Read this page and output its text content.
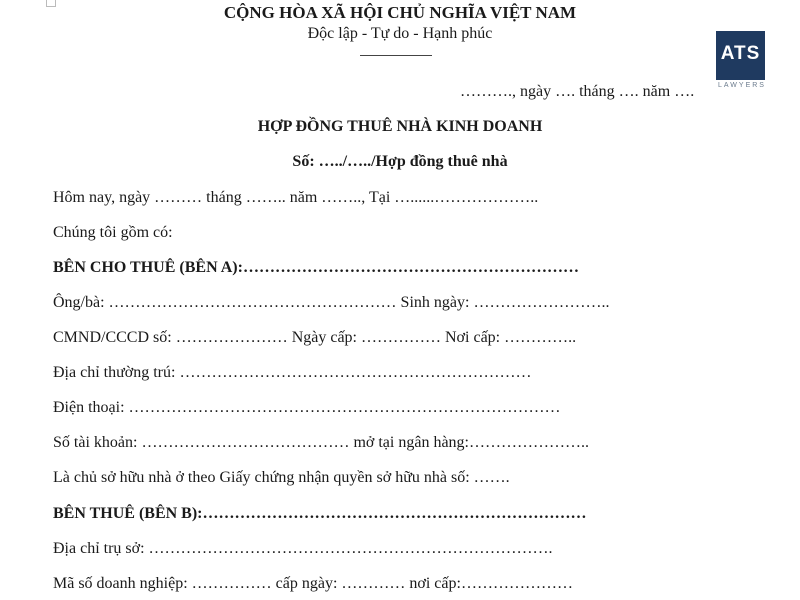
CỘNG HÒA XÃ HỘI CHỦ NGHĨA VIỆT NAM
Độc lập - Tự do - Hạnh phúc
ATS
LAWYERS
………., ngày …. tháng …. năm ….
HỢP ĐỒNG THUÊ NHÀ KINH DOANH
Số: …../…../Hợp đồng thuê nhà
Hôm nay, ngày ……… tháng …….. năm …….., Tại …......………………..
Chúng tôi gồm có:
BÊN CHO THUÊ (BÊN A):………………………………………………………
Ông/bà: ……………………………………………… Sinh ngày: ……………………..
CMND/CCCD số: ………………… Ngày cấp: …………… Nơi cấp: …………..
Địa chỉ thường trú: …………………………………………………………
Điện thoại: ………………………………………………………………………
Số tài khoản: ………………………………… mở tại ngân hàng:…………………..
Là chủ sở hữu nhà ở theo Giấy chứng nhận quyền sở hữu nhà số: …….
BÊN THUÊ (BÊN B):………………………………………………………………
Địa chỉ trụ sở: ………………………………………………………………….
Mã số doanh nghiệp: …………… cấp ngày: ………… nơi cấp:…………………
